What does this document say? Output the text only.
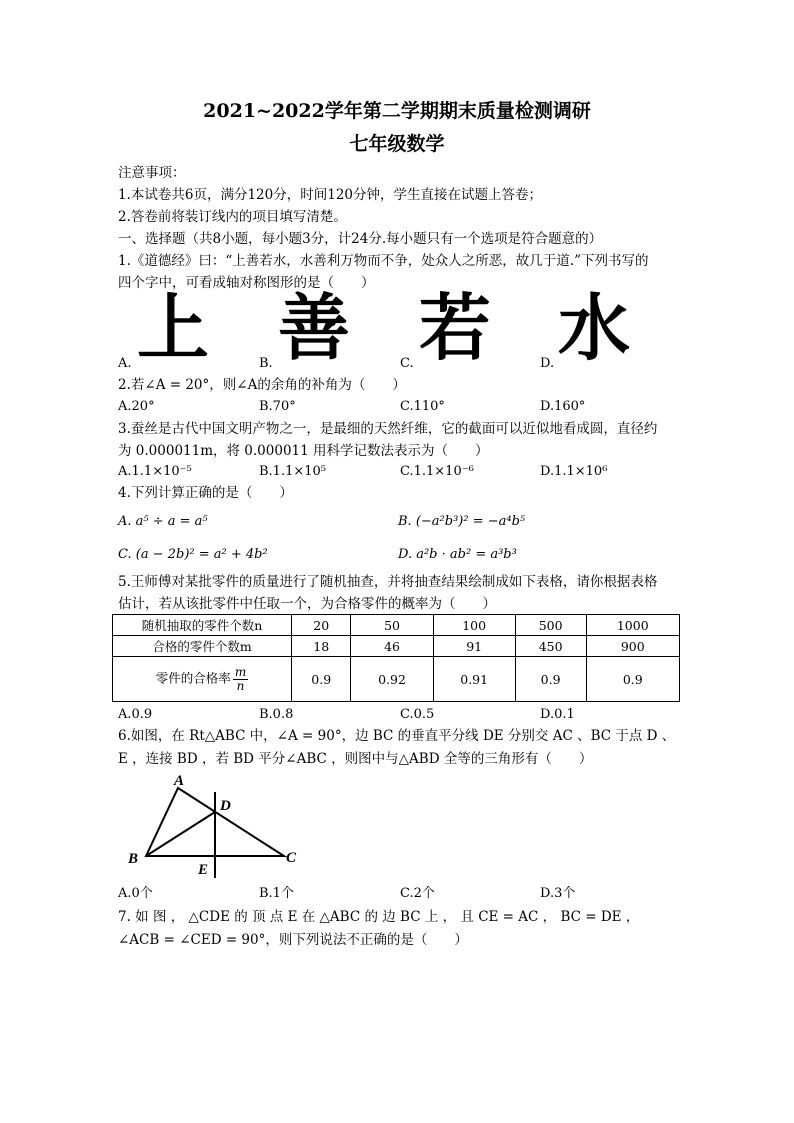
2021~2022学年第二学期期末质量检测调研
七年级数学
注意事项：
1.本试卷共6页，满分120分，时间120分钟，学生直接在试题上答卷；
2.答卷前将装订线内的项目填写清楚。
一、选择题（共8小题，每小题3分，计24分.每小题只有一个选项是符合题意的）
1.《道德经》曰：“上善若水，水善利万物而不争，处众人之所恶，故几于道.”下列书写的
四个字中，可看成轴对称图形的是（　　）
上 善 若 水
A.	B.	C.	D.
2.若∠A = 20°，则∠A的余角的补角为（　　）
A.20°	B.70°	C.110°	D.160°
3.蚕丝是古代中国文明产物之一，是最细的天然纤维，它的截面可以近似地看成圆，直径约
为 0.000011m，将 0.000011 用科学记数法表示为（　　）
A.1.1×10⁻⁵	B.1.1×10⁵	C.1.1×10⁻⁶	D.1.1×10⁶
4.下列计算正确的是（　　）
A. a⁵ ÷ a = a⁵	B. (−a²b³)² = −a⁴b⁵
C. (a − 2b)² = a² + 4b²	D. a²b · ab² = a³b³
5.王师傅对某批零件的质量进行了随机抽查，并将抽查结果绘制成如下表格，请你根据表格
估计，若从该批零件中任取一个，为合格零件的概率为（　　）
随机抽取的零件个数n	20	50	100	500	1000
合格的零件个数m	18	46	91	450	900
零件的合格率 $\frac{m}{n}$	0.9	0.92	0.91	0.9	0.9
A.0.9	B.0.8	C.0.5	D.0.1
6.如图，在 Rt△ABC 中，∠A = 90°，边 BC 的垂直平分线 DE 分别交 AC 、BC 于点 D 、
E ，连接 BD ，若 BD 平分∠ABC ，则图中与△ABD 全等的三角形有（　　）
A
D
B
E
C
A.0个	B.1个	C.2个	D.3个
7. 如 图 ， △CDE 的 顶 点 E 在 △ABC 的 边 BC 上 ， 且 CE = AC ， BC = DE ，
∠ACB = ∠CED = 90°，则下列说法不正确的是（　　）
